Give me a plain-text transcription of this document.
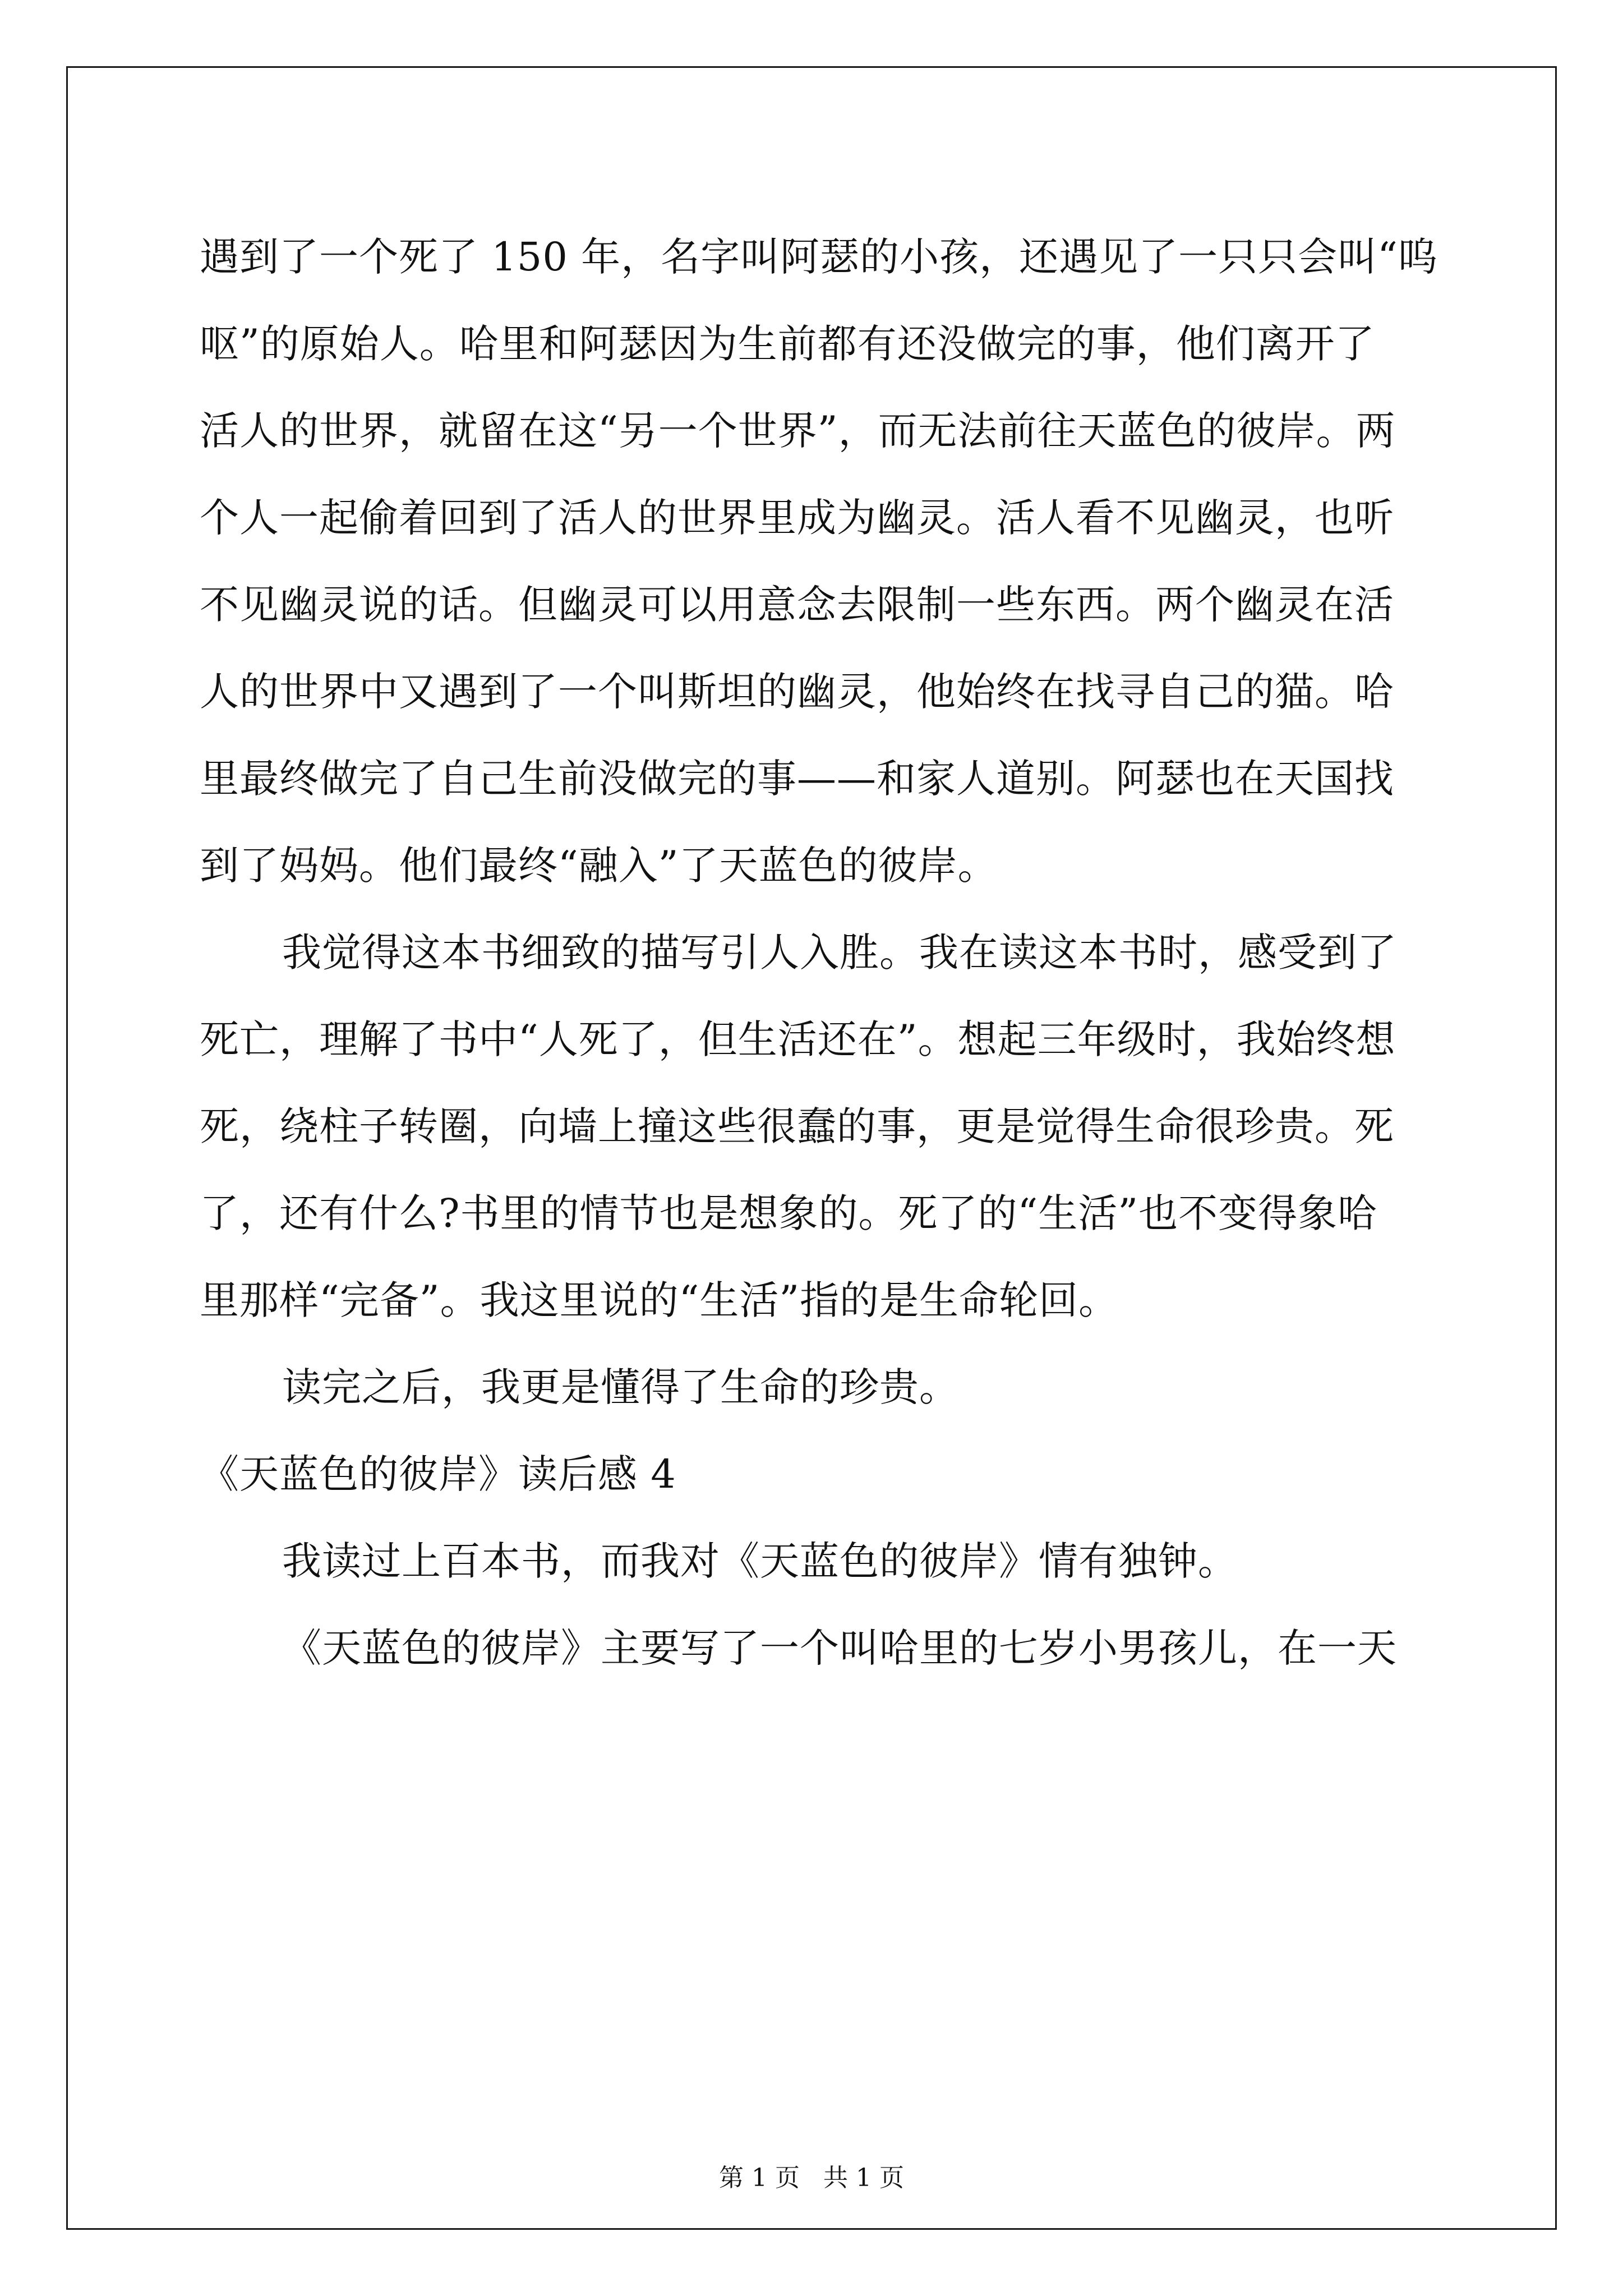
遇到了一个死了 150 年，名字叫阿瑟的小孩，还遇见了一只只会叫“呜
呕”的原始人。哈里和阿瑟因为生前都有还没做完的事，他们离开了
活人的世界，就留在这“另一个世界”，而无法前往天蓝色的彼岸。两
个人一起偷着回到了活人的世界里成为幽灵。活人看不见幽灵，也听
不见幽灵说的话。但幽灵可以用意念去限制一些东西。两个幽灵在活
人的世界中又遇到了一个叫斯坦的幽灵，他始终在找寻自己的猫。哈
里最终做完了自己生前没做完的事——和家人道别。阿瑟也在天国找
到了妈妈。他们最终“融入”了天蓝色的彼岸。
我觉得这本书细致的描写引人入胜。我在读这本书时，感受到了
死亡，理解了书中“人死了，但生活还在”。想起三年级时，我始终想
死，绕柱子转圈，向墙上撞这些很蠢的事，更是觉得生命很珍贵。死
了，还有什么?书里的情节也是想象的。死了的“生活”也不变得象哈
里那样“完备”。我这里说的“生活”指的是生命轮回。
读完之后，我更是懂得了生命的珍贵。
《天蓝色的彼岸》读后感 4
我读过上百本书，而我对《天蓝色的彼岸》情有独钟。
《天蓝色的彼岸》主要写了一个叫哈里的七岁小男孩儿，在一天
第 1 页   共 1 页
